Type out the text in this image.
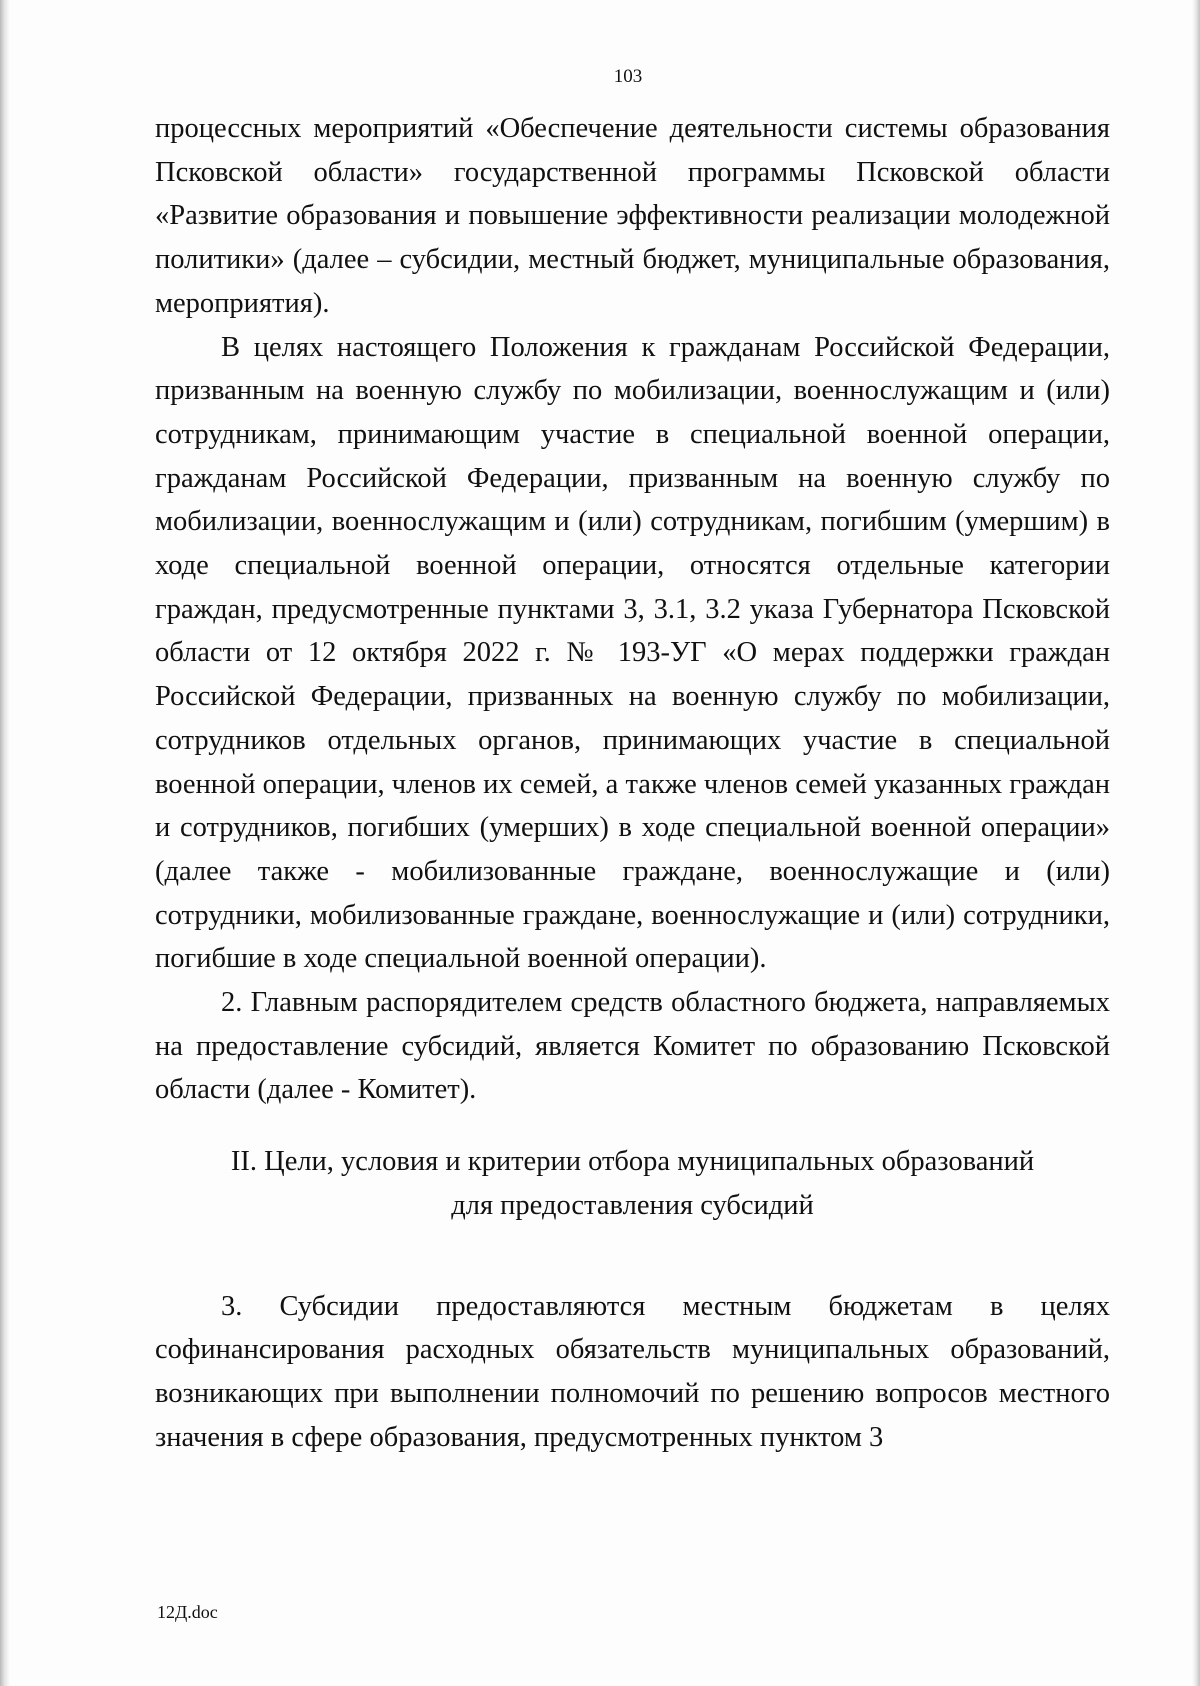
103

процессных мероприятий «Обеспечение деятельности системы образования Псковской области» государственной программы Псковской области «Развитие образования и повышение эффективности реализации молодежной политики» (далее – субсидии, местный бюджет, муниципальные образования, мероприятия).

В целях настоящего Положения к гражданам Российской Федерации, призванным на военную службу по мобилизации, военнослужащим и (или) сотрудникам, принимающим участие в специальной военной операции, гражданам Российской Федерации, призванным на военную службу по мобилизации, военнослужащим и (или) сотрудникам, погибшим (умершим) в ходе специальной военной операции, относятся отдельные категории граждан, предусмотренные пунктами 3, 3.1, 3.2 указа Губернатора Псковской области от 12 октября 2022 г. № 193-УГ «О мерах поддержки граждан Российской Федерации, призванных на военную службу по мобилизации, сотрудников отдельных органов, принимающих участие в специальной военной операции, членов их семей, а также членов семей указанных граждан и сотрудников, погибших (умерших) в ходе специальной военной операции» (далее также - мобилизованные граждане, военнослужащие и (или) сотрудники, мобилизованные граждане, военнослужащие и (или) сотрудники, погибшие в ходе специальной военной операции).

2. Главным распорядителем средств областного бюджета, направляемых на предоставление субсидий, является Комитет по образованию Псковской области (далее - Комитет).

II. Цели, условия и критерии отбора муниципальных образований
для предоставления субсидий

3. Субсидии предоставляются местным бюджетам в целях софинансирования расходных обязательств муниципальных образований, возникающих при выполнении полномочий по решению вопросов местного значения в сфере образования, предусмотренных пунктом 3

12Д.doc
